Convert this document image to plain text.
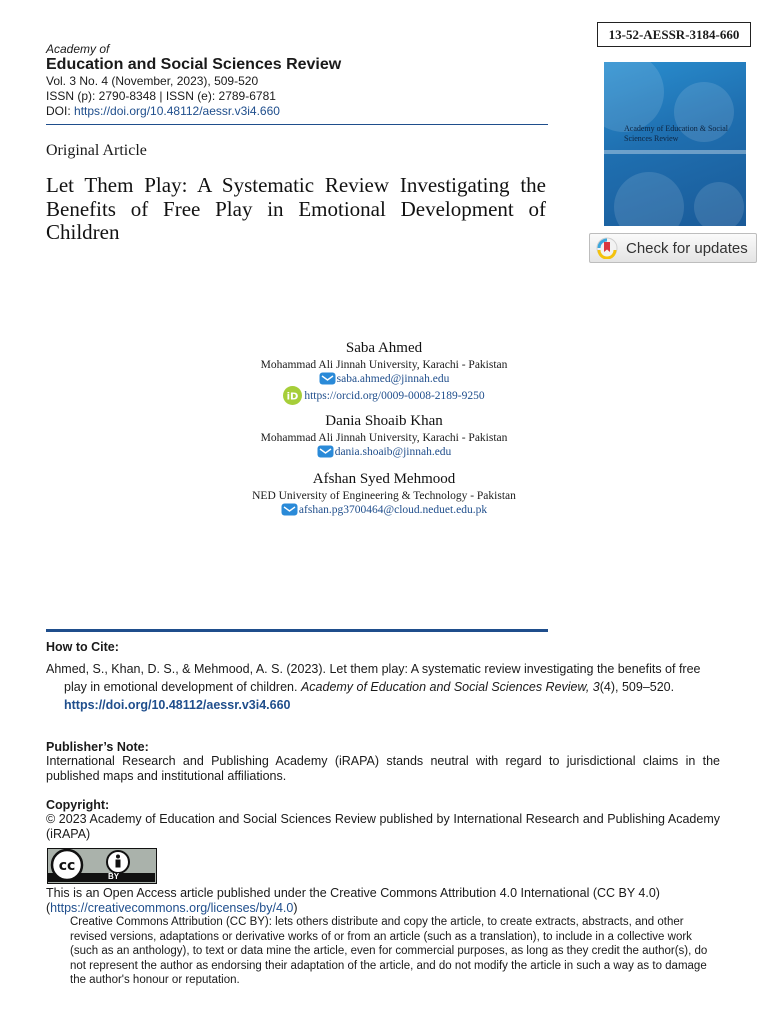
Academy of
Education and Social Sciences Review
Vol. 3 No. 4 (November, 2023), 509-520
ISSN (p): 2790-8348 | ISSN (e): 2789-6781
DOI: https://doi.org/10.48112/aessr.v3i4.660
Original Article
Let Them Play: A Systematic Review Investigating the Benefits of Free Play in Emotional Development of Children
13-52-AESSR-3184-660
Academy of Education & Social Sciences Review
Check for updates
Saba Ahmed
Mohammad Ali Jinnah University, Karachi - Pakistan
saba.ahmed@jinnah.edu
iD https://orcid.org/0009-0008-2189-9250
Dania Shoaib Khan
Mohammad Ali Jinnah University, Karachi - Pakistan
dania.shoaib@jinnah.edu
Afshan Syed Mehmood
NED University of Engineering & Technology - Pakistan
afshan.pg3700464@cloud.neduet.edu.pk
How to Cite:
Ahmed, S., Khan, D. S., & Mehmood, A. S. (2023). Let them play: A systematic review investigating the benefits of free
play in emotional development of children. Academy of Education and Social Sciences Review, 3(4), 509–520.
https://doi.org/10.48112/aessr.v3i4.660
Publisher’s Note:
International Research and Publishing Academy (iRAPA) stands neutral with regard to jurisdictional claims in the published maps and institutional affiliations.
Copyright:
© 2023 Academy of Education and Social Sciences Review published by International Research and Publishing Academy (iRAPA)
cc
BY
This is an Open Access article published under the Creative Commons Attribution 4.0 International (CC BY 4.0)
(https://creativecommons.org/licenses/by/4.0)
Creative Commons Attribution (CC BY): lets others distribute and copy the article, to create extracts, abstracts, and other revised versions, adaptations or derivative works of or from an article (such as a translation), to include in a collective work (such as an anthology), to text or data mine the article, even for commercial purposes, as long as they credit the author(s), do not represent the author as endorsing their adaptation of the article, and do not modify the article in such a way as to damage the author's honour or reputation.
